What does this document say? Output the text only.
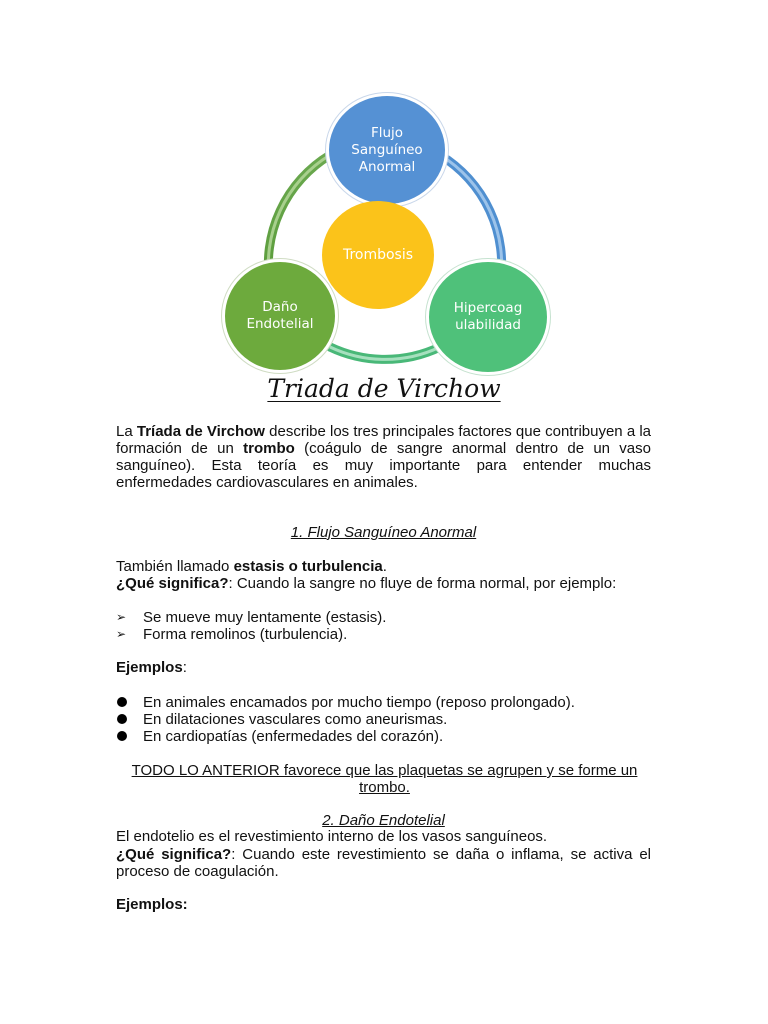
Flujo
Sanguíneo
Anormal
Trombosis
Daño
Endotelial
Hipercoag
ulabilidad
Triada de Virchow
La Tríada de Virchow describe los tres principales factores que contribuyen a la formación de un trombo (coágulo de sangre anormal dentro de un vaso sanguíneo). Esta teoría es muy importante para entender muchas enfermedades cardiovasculares en animales.
1. Flujo Sanguíneo Anormal
También llamado estasis o turbulencia.
¿Qué significa?: Cuando la sangre no fluye de forma normal, por ejemplo:
➢	Se mueve muy lentamente (estasis).
➢	Forma remolinos (turbulencia).
Ejemplos:
En animales encamados por mucho tiempo (reposo prolongado).
En dilataciones vasculares como aneurismas.
En cardiopatías (enfermedades del corazón).
TODO LO ANTERIOR favorece que las plaquetas se agrupen y se forme un trombo.
2. Daño Endotelial
El endotelio es el revestimiento interno de los vasos sanguíneos.
¿Qué significa?: Cuando este revestimiento se daña o inflama, se activa el proceso de coagulación.
Ejemplos:
